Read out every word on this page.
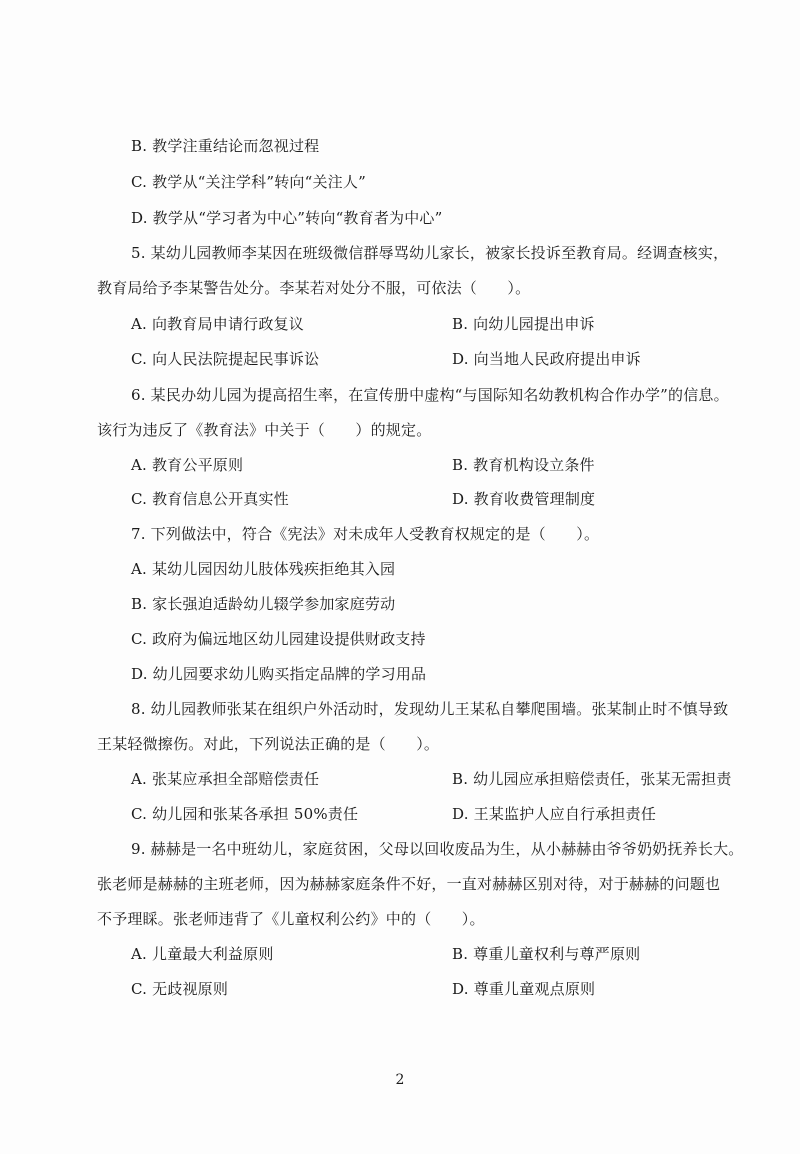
B. 教学注重结论而忽视过程
C. 教学从“关注学科”转向“关注人”
D. 教学从“学习者为中心”转向“教育者为中心”
5. 某幼儿园教师李某因在班级微信群辱骂幼儿家长，被家长投诉至教育局。经调查核实，
教育局给予李某警告处分。李某若对处分不服，可依法（　　）。
A. 向教育局申请行政复议	B. 向幼儿园提出申诉
C. 向人民法院提起民事诉讼	D. 向当地人民政府提出申诉
6. 某民办幼儿园为提高招生率，在宣传册中虚构“与国际知名幼教机构合作办学”的信息。
该行为违反了《教育法》中关于（　　）的规定。
A. 教育公平原则	B. 教育机构设立条件
C. 教育信息公开真实性	D. 教育收费管理制度
7. 下列做法中，符合《宪法》对未成年人受教育权规定的是（　　）。
A. 某幼儿园因幼儿肢体残疾拒绝其入园
B. 家长强迫适龄幼儿辍学参加家庭劳动
C. 政府为偏远地区幼儿园建设提供财政支持
D. 幼儿园要求幼儿购买指定品牌的学习用品
8. 幼儿园教师张某在组织户外活动时，发现幼儿王某私自攀爬围墙。张某制止时不慎导致
王某轻微擦伤。对此，下列说法正确的是（　　）。
A. 张某应承担全部赔偿责任	B. 幼儿园应承担赔偿责任，张某无需担责
C. 幼儿园和张某各承担 50%责任	D. 王某监护人应自行承担责任
9. 赫赫是一名中班幼儿，家庭贫困，父母以回收废品为生，从小赫赫由爷爷奶奶抚养长大。
张老师是赫赫的主班老师，因为赫赫家庭条件不好，一直对赫赫区别对待，对于赫赫的问题也
不予理睬。张老师违背了《儿童权利公约》中的（　　）。
A. 儿童最大利益原则	B. 尊重儿童权利与尊严原则
C. 无歧视原则	D. 尊重儿童观点原则
2
